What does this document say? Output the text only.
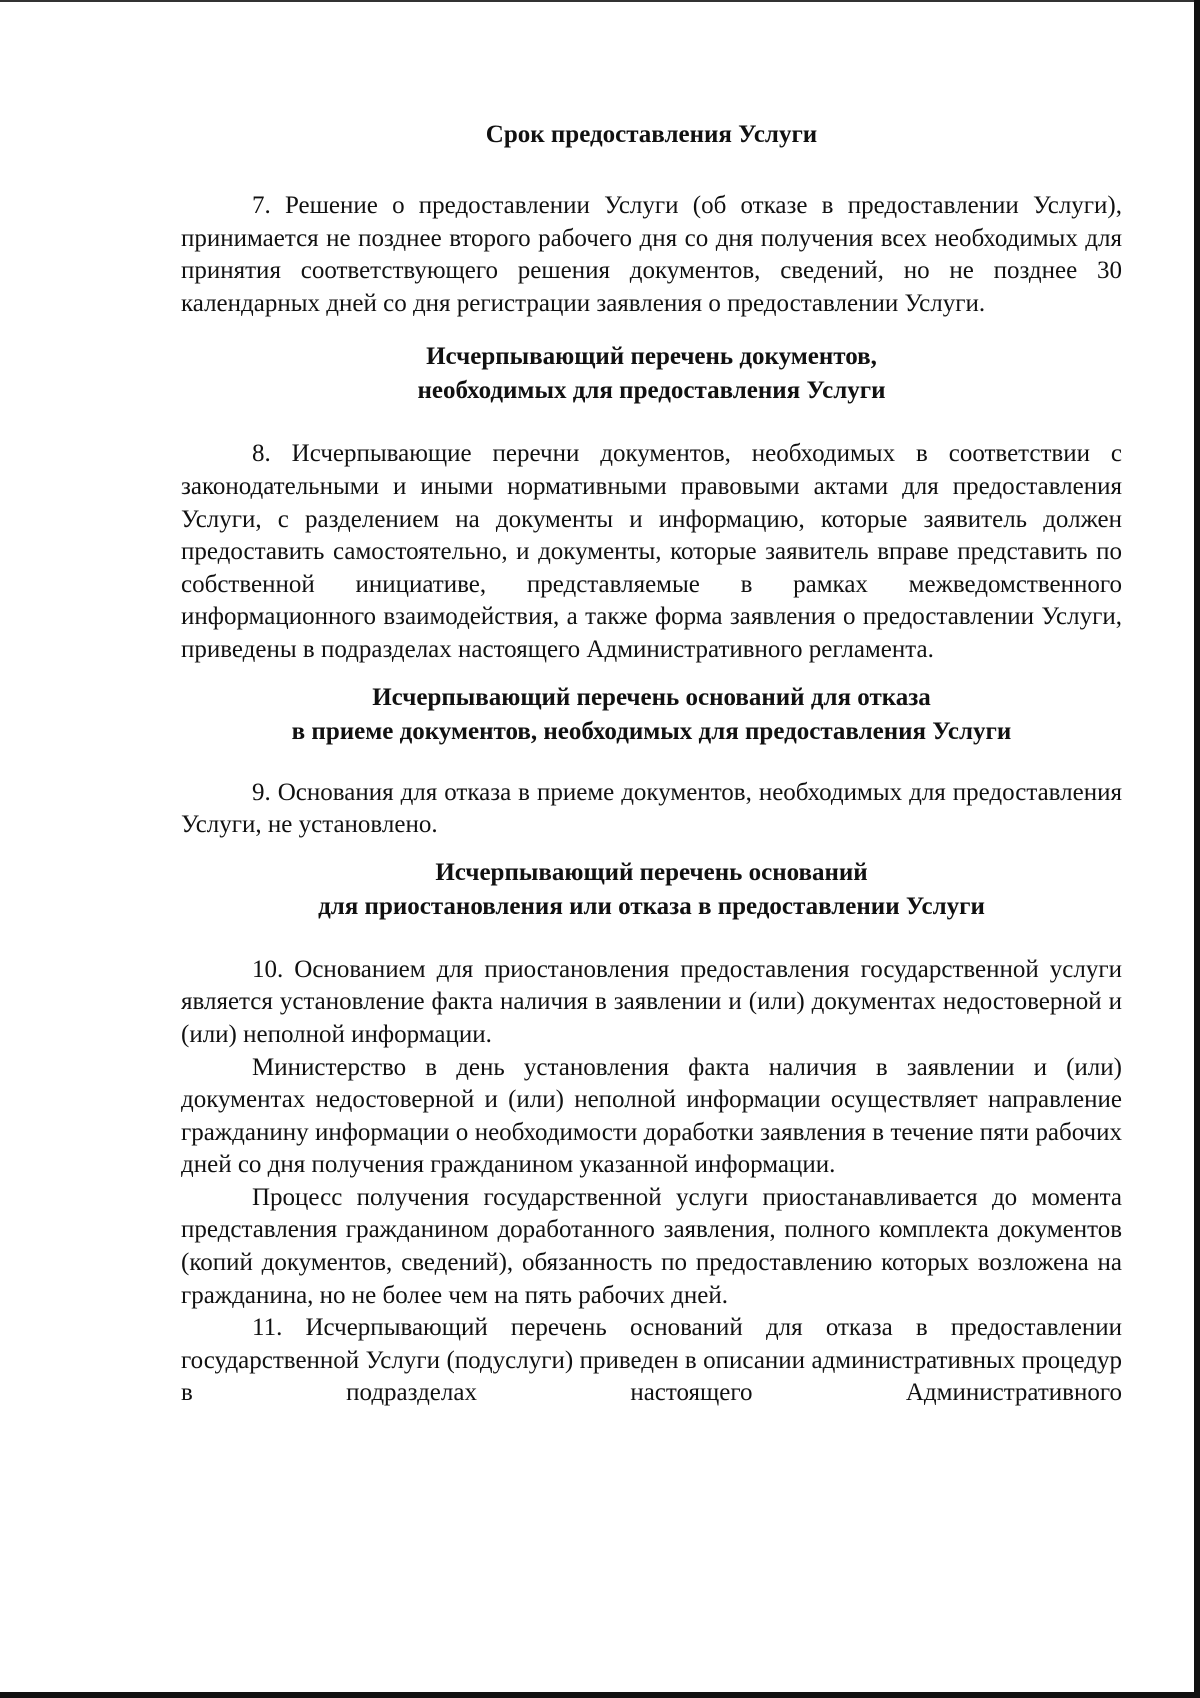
Срок предоставления Услуги

7. Решение о предоставлении Услуги (об отказе в предоставлении Услуги), принимается не позднее второго рабочего дня со дня получения всех необходимых для принятия соответствующего решения документов, сведений, но не позднее 30 календарных дней со дня регистрации заявления о предоставлении Услуги.

Исчерпывающий перечень документов,
необходимых для предоставления Услуги

8. Исчерпывающие перечни документов, необходимых в соответствии с законодательными и иными нормативными правовыми актами для предоставления Услуги, с разделением на документы и информацию, которые заявитель должен предоставить самостоятельно, и документы, которые заявитель вправе представить по собственной инициативе, представляемые в рамках межведомственного информационного взаимодействия, а также форма заявления о предоставлении Услуги, приведены в подразделах настоящего Административного регламента.

Исчерпывающий перечень оснований для отказа
в приеме документов, необходимых для предоставления Услуги

9. Основания для отказа в приеме документов, необходимых для предоставления Услуги, не установлено.

Исчерпывающий перечень оснований
для приостановления или отказа в предоставлении Услуги

10. Основанием для приостановления предоставления государственной услуги является установление факта наличия в заявлении и (или) документах недостоверной и (или) неполной информации.

Министерство в день установления факта наличия в заявлении и (или) документах недостоверной и (или) неполной информации осуществляет направление гражданину информации о необходимости доработки заявления в течение пяти рабочих дней со дня получения гражданином указанной информации.

Процесс получения государственной услуги приостанавливается до момента представления гражданином доработанного заявления, полного комплекта документов (копий документов, сведений), обязанность по предоставлению которых возложена на гражданина, но не более чем на пять рабочих дней.

11. Исчерпывающий перечень оснований для отказа в предоставлении государственной Услуги (подуслуги) приведен в описании административных процедур в подразделах настоящего Административного
